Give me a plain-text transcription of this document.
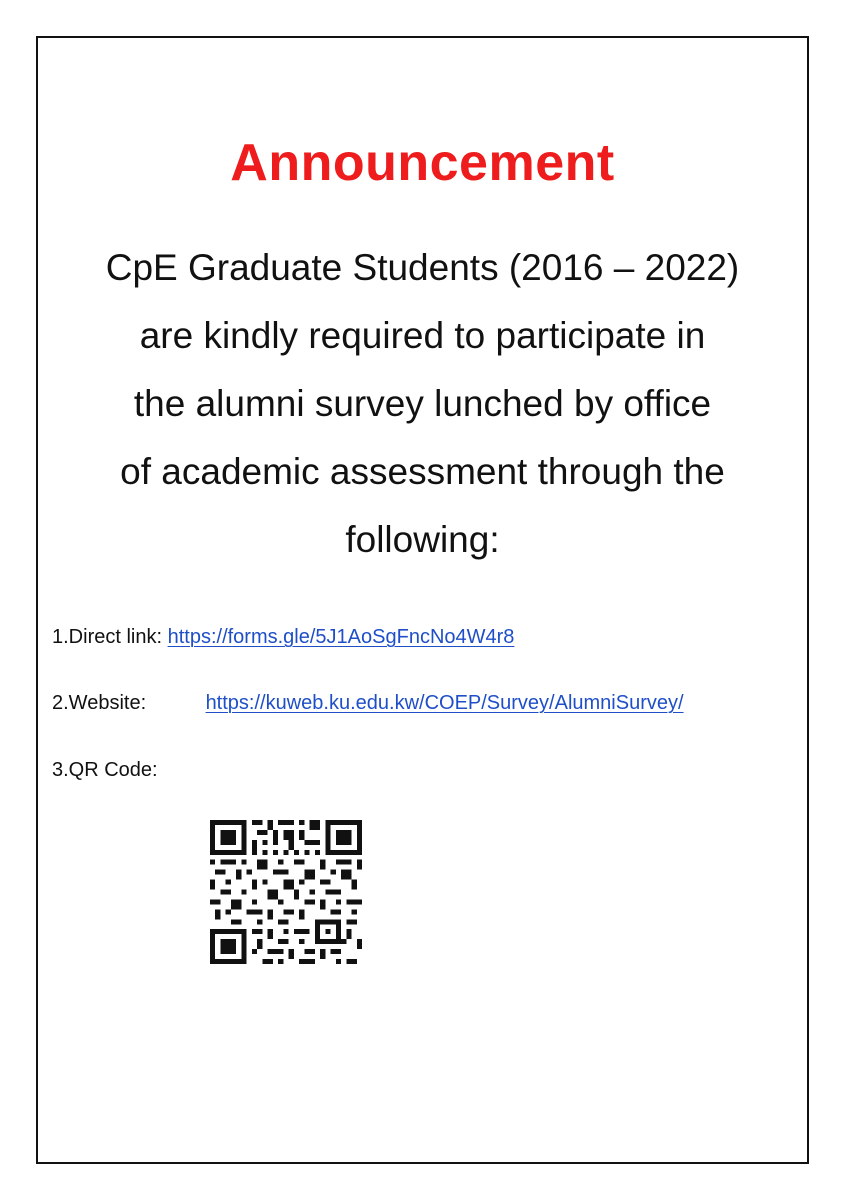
Announcement
CpE Graduate Students (2016 – 2022)
are kindly required to participate in
the alumni survey lunched by office
of academic assessment through the
following:
1.Direct link: https://forms.gle/5J1AoSgFncNo4W4r8
2.Website:	https://kuweb.ku.edu.kw/COEP/Survey/AlumniSurvey/
3.QR Code:
